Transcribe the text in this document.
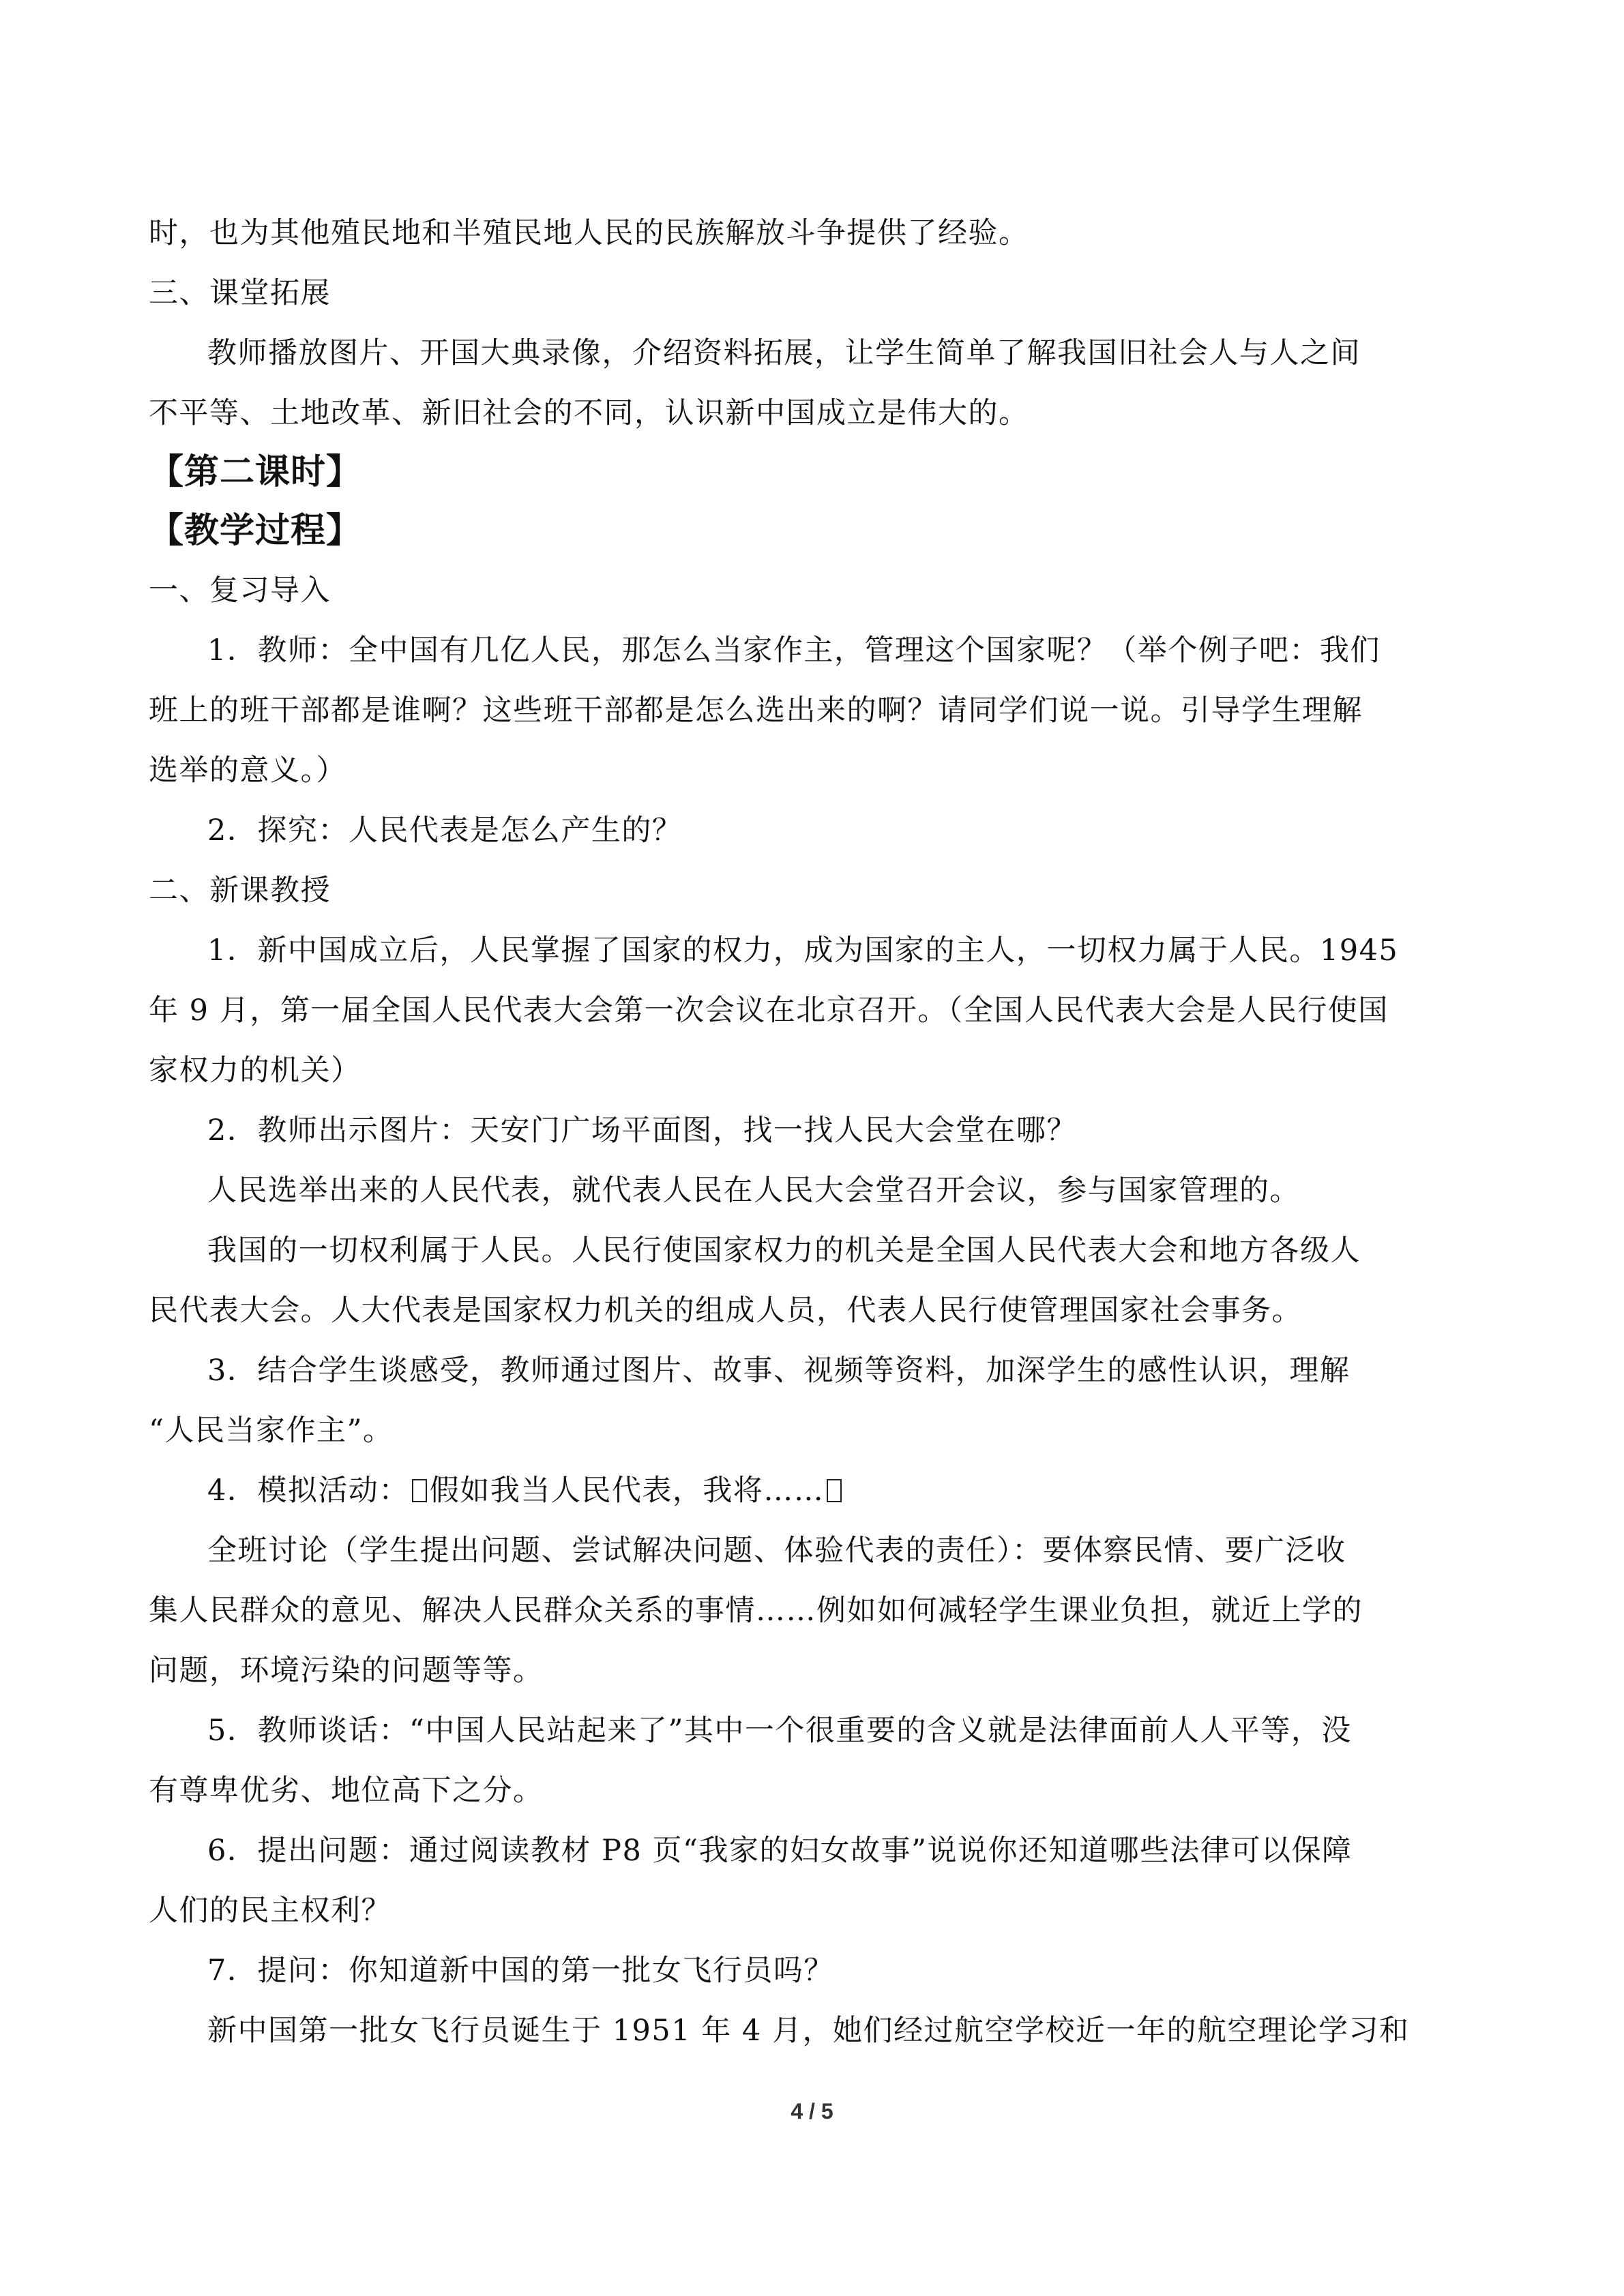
时，也为其他殖民地和半殖民地人民的民族解放斗争提供了经验。
三、课堂拓展
教师播放图片、开国大典录像，介绍资料拓展，让学生简单了解我国旧社会人与人之间
不平等、土地改革、新旧社会的不同，认识新中国成立是伟大的。
【第二课时】
【教学过程】
一、复习导入
1．教师：全中国有几亿人民，那怎么当家作主，管理这个国家呢？（举个例子吧：我们
班上的班干部都是谁啊？这些班干部都是怎么选出来的啊？请同学们说一说。引导学生理解
选举的意义。）
2．探究：人民代表是怎么产生的？
二、新课教授
1．新中国成立后，人民掌握了国家的权力，成为国家的主人，一切权力属于人民。1945
年 9 月，第一届全国人民代表大会第一次会议在北京召开。（全国人民代表大会是人民行使国
家权力的机关）
2．教师出示图片：天安门广场平面图，找一找人民大会堂在哪？
人民选举出来的人民代表，就代表人民在人民大会堂召开会议，参与国家管理的。
我国的一切权利属于人民。人民行使国家权力的机关是全国人民代表大会和地方各级人
民代表大会。人大代表是国家权力机关的组成人员，代表人民行使管理国家社会事务。
3．结合学生谈感受，教师通过图片、故事、视频等资料，加深学生的感性认识，理解
“人民当家作主”。
4．模拟活动： 假如我当人民代表，我将……
全班讨论（学生提出问题、尝试解决问题、体验代表的责任）：要体察民情、要广泛收
集人民群众的意见、解决人民群众关系的事情……例如如何减轻学生课业负担，就近上学的
问题，环境污染的问题等等。
5．教师谈话：“中国人民站起来了”其中一个很重要的含义就是法律面前人人平等，没
有尊卑优劣、地位高下之分。
6．提出问题：通过阅读教材 P8 页“我家的妇女故事”说说你还知道哪些法律可以保障
人们的民主权利？
7．提问：你知道新中国的第一批女飞行员吗？
新中国第一批女飞行员诞生于 1951 年 4 月，她们经过航空学校近一年的航空理论学习和
4 / 5
